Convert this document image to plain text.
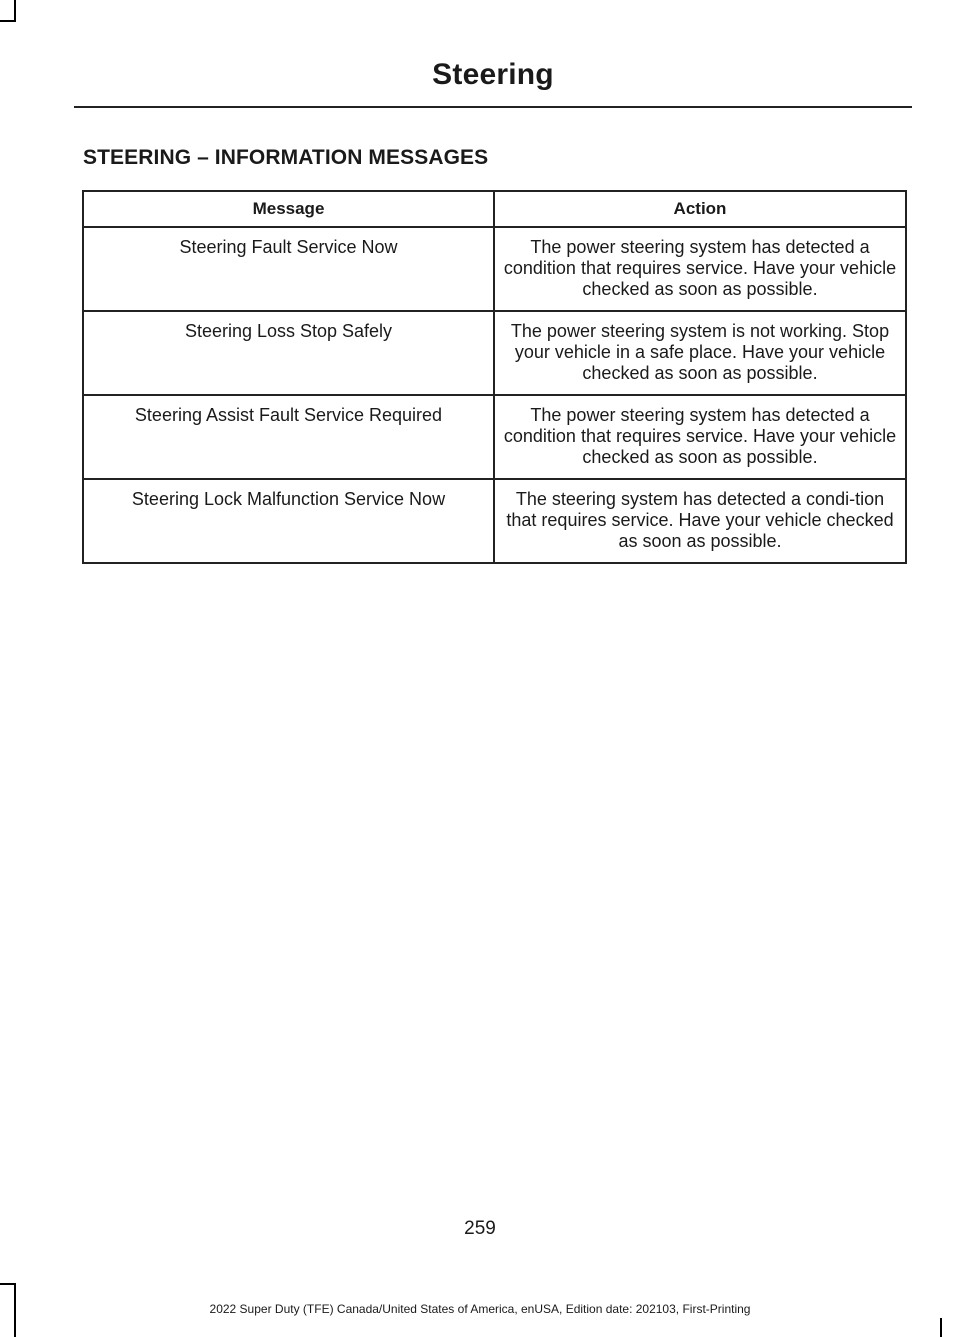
Steering
STEERING – INFORMATION MESSAGES
Message	Action
Steering Fault Service Now	The power steering system has detected a condition that requires service. Have your vehicle checked as soon as possible.
Steering Loss Stop Safely	The power steering system is not working. Stop your vehicle in a safe place. Have your vehicle checked as soon as possible.
Steering Assist Fault Service Required	The power steering system has detected a condition that requires service. Have your vehicle checked as soon as possible.
Steering Lock Malfunction Service Now	The steering system has detected a condi-tion that requires service. Have your vehicle checked as soon as possible.
259
2022 Super Duty (TFE) Canada/United States of America, enUSA, Edition date: 202103, First-Printing
